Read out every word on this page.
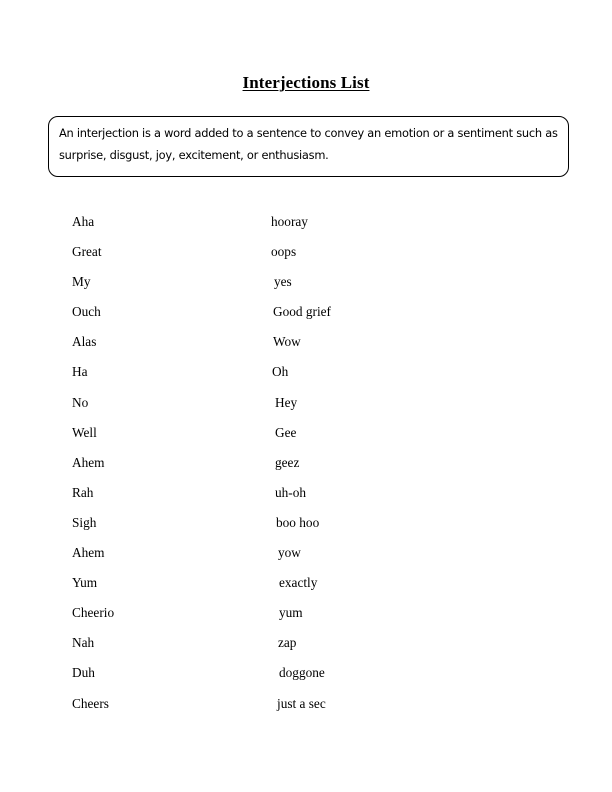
Interjections List
An interjection is a word added to a sentence to convey an emotion or a sentiment such as surprise, disgust, joy, excitement, or enthusiasm.
Aha	hooray
Great	oops
My	yes
Ouch	Good grief
Alas	Wow
Ha	Oh
No	Hey
Well	Gee
Ahem	geez
Rah	uh-oh
Sigh	boo hoo
Ahem	yow
Yum	exactly
Cheerio	yum
Nah	zap
Duh	doggone
Cheers	just a sec
